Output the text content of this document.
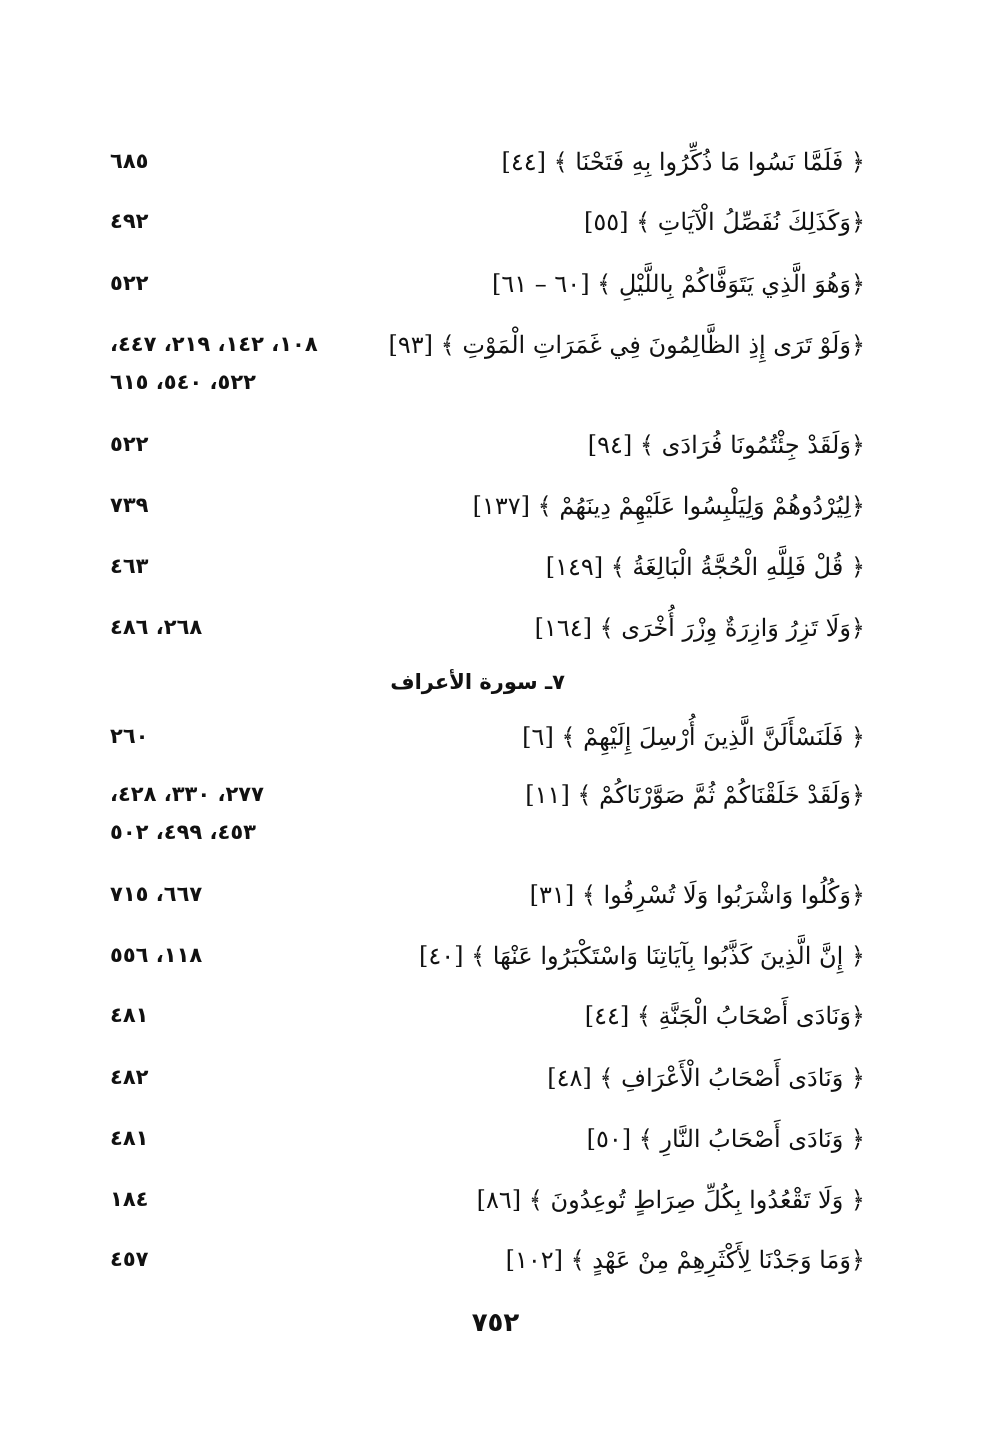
﴿ فَلَمَّا نَسُوا مَا ذُكِّرُوا بِهِ فَتَحْنَا ﴾ [٤٤]
٦٨٥
﴿وَكَذَلِكَ نُفَصِّلُ الْآيَاتِ ﴾ [٥٥]
٤٩٢
﴿وَهُوَ الَّذِي يَتَوَفَّاكُمْ بِاللَّيْلِ ﴾ [٦٠ – ٦١]
٥٢٢
﴿وَلَوْ تَرَى إِذِ الظَّالِمُونَ فِي غَمَرَاتِ الْمَوْتِ ﴾ [٩٣]
١٠٨، ١٤٢، ٢١٩، ٤٤٧،
٥٢٢، ٥٤٠، ٦١٥
﴿وَلَقَدْ جِئْتُمُونَا فُرَادَى ﴾ [٩٤]
٥٢٢
﴿لِيُرْدُوهُمْ وَلِيَلْبِسُوا عَلَيْهِمْ دِينَهُمْ ﴾ [١٣٧]
٧٣٩
﴿ قُلْ فَلِلَّهِ الْحُجَّةُ الْبَالِغَةُ ﴾ [١٤٩]
٤٦٣
﴿وَلَا تَزِرُ وَازِرَةٌ وِزْرَ أُخْرَى ﴾ [١٦٤]
٢٦٨، ٤٨٦
٧ـ سورة الأعراف
﴿ فَلَنَسْأَلَنَّ الَّذِينَ أُرْسِلَ إِلَيْهِمْ ﴾ [٦]
٢٦٠
﴿وَلَقَدْ خَلَقْنَاكُمْ ثُمَّ صَوَّرْنَاكُمْ ﴾ [١١]
٢٧٧، ٣٣٠، ٤٢٨،
٤٥٣، ٤٩٩، ٥٠٢
﴿وَكُلُوا وَاشْرَبُوا وَلَا تُسْرِفُوا ﴾ [٣١]
٦٦٧، ٧١٥
﴿ إِنَّ الَّذِينَ كَذَّبُوا بِآيَاتِنَا وَاسْتَكْبَرُوا عَنْهَا ﴾ [٤٠]
١١٨، ٥٥٦
﴿وَنَادَى أَصْحَابُ الْجَنَّةِ ﴾ [٤٤]
٤٨١
﴿ وَنَادَى أَصْحَابُ الْأَعْرَافِ ﴾ [٤٨]
٤٨٢
﴿ وَنَادَى أَصْحَابُ النَّارِ ﴾ [٥٠]
٤٨١
﴿ وَلَا تَقْعُدُوا بِكُلِّ صِرَاطٍ تُوعِدُونَ ﴾ [٨٦]
١٨٤
﴿وَمَا وَجَدْنَا لِأَكْثَرِهِمْ مِنْ عَهْدٍ ﴾ [١٠٢]
٤٥٧
٧٥٢
